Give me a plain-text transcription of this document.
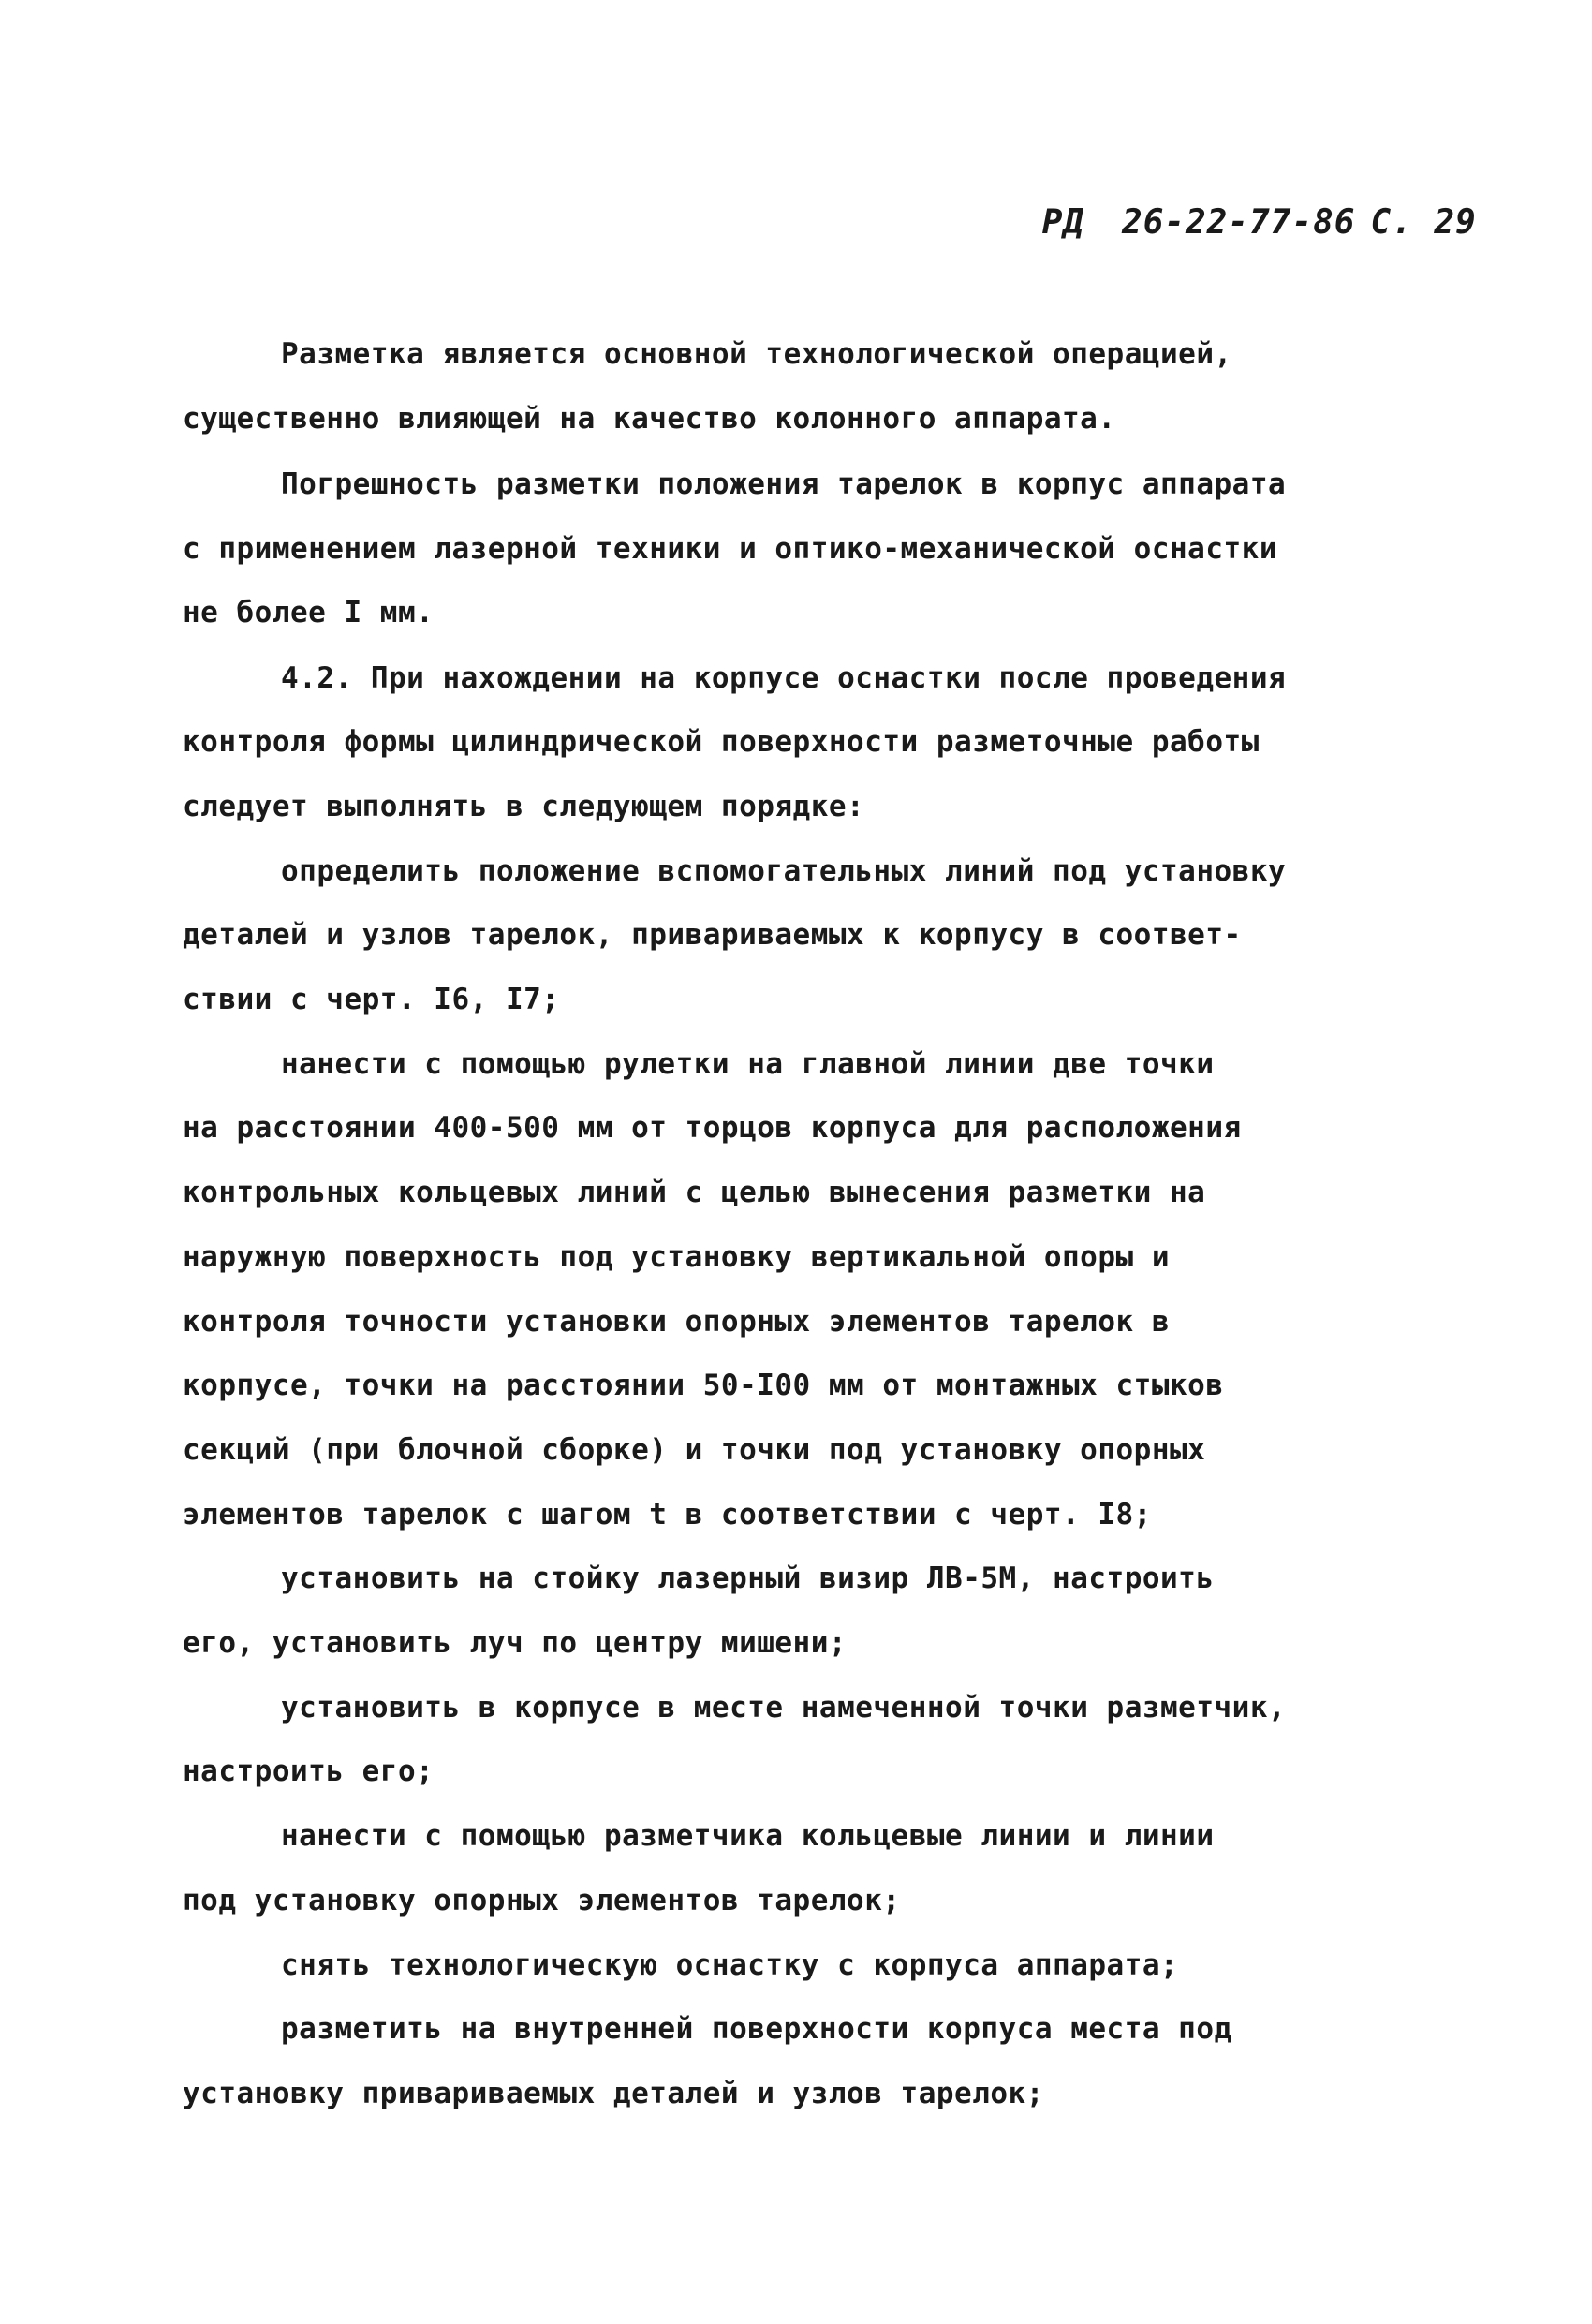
РД 26-22-77-86 С. 29

Разметка является основной технологической операцией,
существенно влияющей на качество колонного аппарата.
Погрешность разметки положения тарелок в корпус аппарата
с применением лазерной техники и оптико-механической оснастки
не более I мм.
4.2. При нахождении на корпусе оснастки после проведения
контроля формы цилиндрической поверхности разметочные работы
следует выполнять в следующем порядке:
определить положение вспомогательных линий под установку
деталей и узлов тарелок, привариваемых к корпусу в соответ-
ствии с черт. I6, I7;
нанести с помощью рулетки на главной линии две точки
на расстоянии 400-500 мм от торцов корпуса для расположения
контрольных кольцевых линий с целью вынесения разметки на
наружную поверхность под установку вертикальной опоры и
контроля точности установки опорных элементов тарелок в
корпусе, точки на расстоянии 50-I00 мм от монтажных стыков
секций (при блочной сборке) и точки под установку опорных
элементов тарелок с шагом t в соответствии с черт. I8;
установить на стойку лазерный визир ЛВ-5М, настроить
его, установить луч по центру мишени;
установить в корпусе в месте намеченной точки разметчик,
настроить его;
нанести с помощью разметчика кольцевые линии и линии
под установку опорных элементов тарелок;
снять технологическую оснастку с корпуса аппарата;
разметить на внутренней поверхности корпуса места под
установку привариваемых деталей и узлов тарелок;
